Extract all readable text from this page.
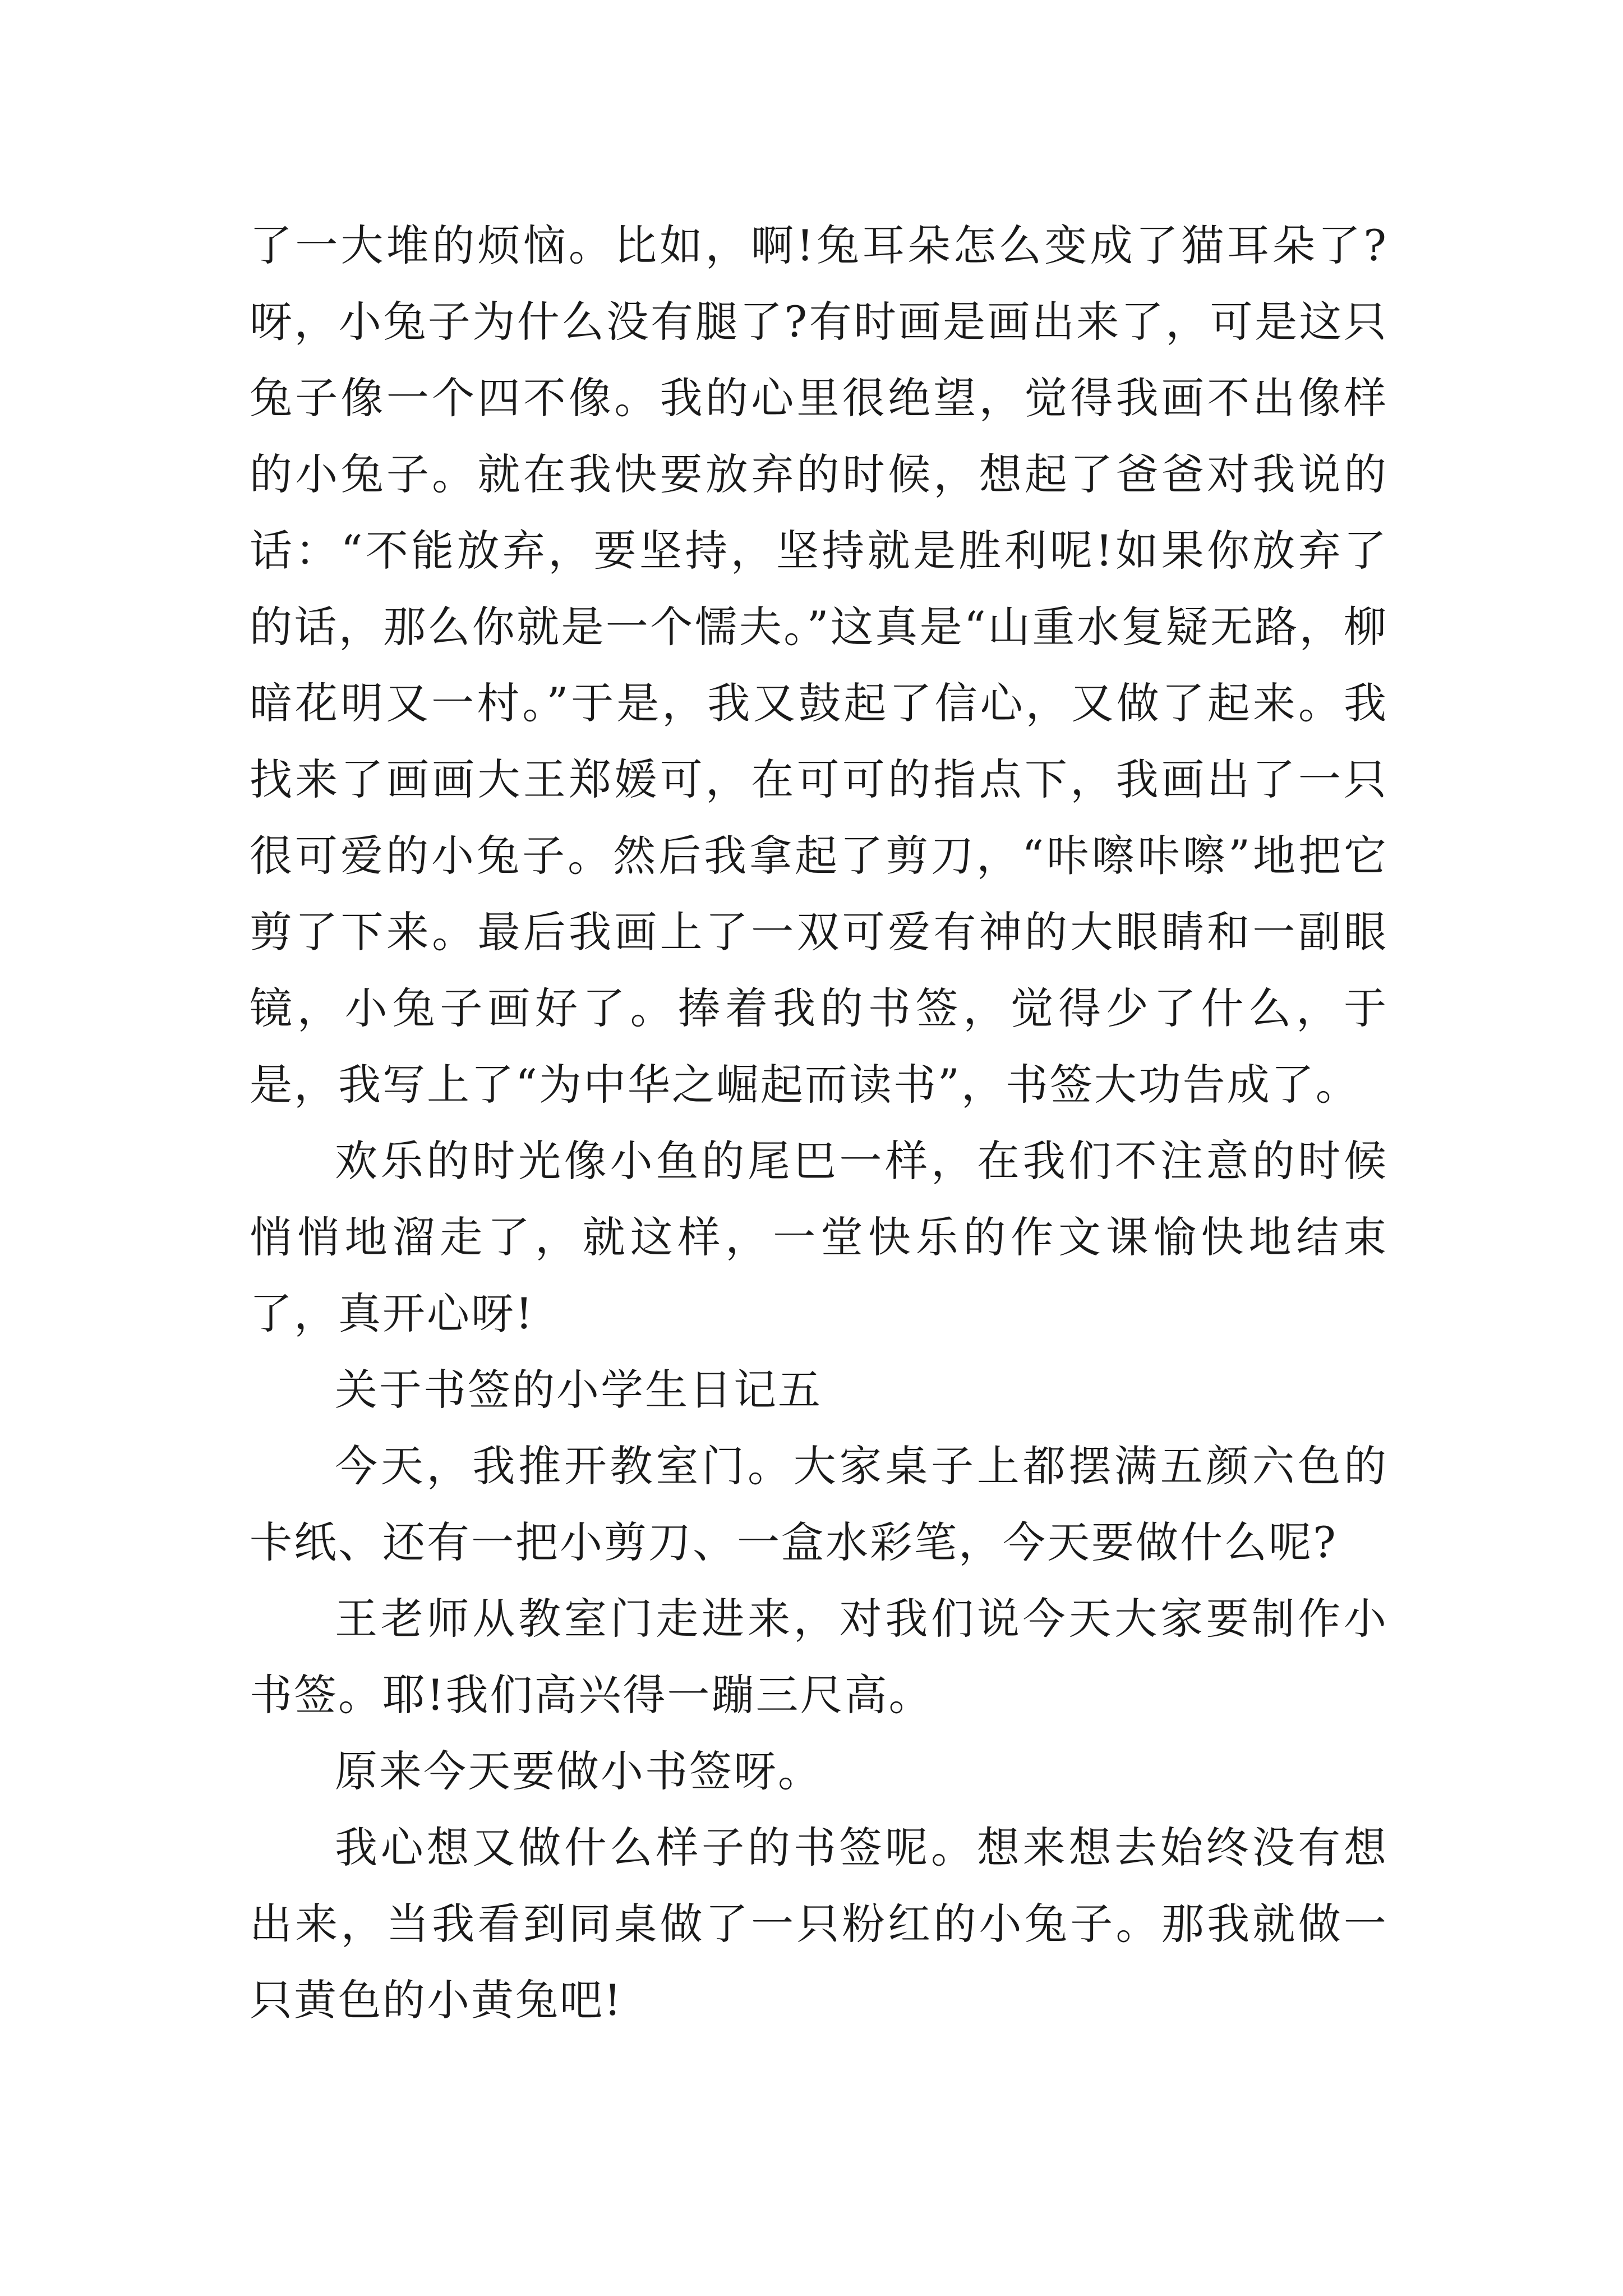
了一大堆的烦恼。比如，啊!兔耳朵怎么变成了猫耳朵了?呀，小兔子为什么没有腿了?有时画是画出来了，可是这只兔子像一个四不像。我的心里很绝望，觉得我画不出像样的小兔子。就在我快要放弃的时候，想起了爸爸对我说的话：“不能放弃，要坚持，坚持就是胜利呢!如果你放弃了的话，那么你就是一个懦夫。”这真是“山重水复疑无路，柳暗花明又一村。”于是，我又鼓起了信心，又做了起来。我找来了画画大王郑媛可，在可可的指点下，我画出了一只很可爱的小兔子。然后我拿起了剪刀，“咔嚓咔嚓”地把它剪了下来。最后我画上了一双可爱有神的大眼睛和一副眼镜，小兔子画好了。捧着我的书签，觉得少了什么，于是，我写上了“为中华之崛起而读书”，书签大功告成了。

欢乐的时光像小鱼的尾巴一样，在我们不注意的时候悄悄地溜走了，就这样，一堂快乐的作文课愉快地结束了，真开心呀!

关于书签的小学生日记五

今天，我推开教室门。大家桌子上都摆满五颜六色的卡纸、还有一把小剪刀、一盒水彩笔，今天要做什么呢?

王老师从教室门走进来，对我们说今天大家要制作小书签。耶!我们高兴得一蹦三尺高。

原来今天要做小书签呀。

我心想又做什么样子的书签呢。想来想去始终没有想出来，当我看到同桌做了一只粉红的小兔子。那我就做一只黄色的小黄兔吧!
